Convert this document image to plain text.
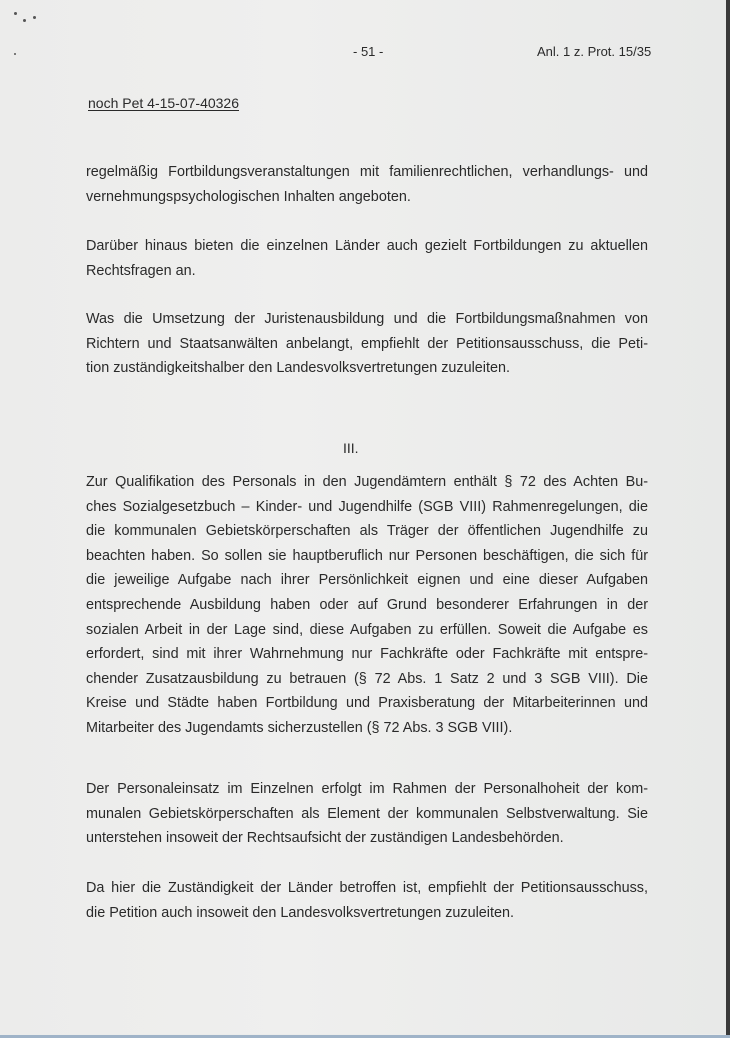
- 51 -	Anl. 1 z. Prot. 15/35
noch Pet 4-15-07-40326

regelmäßig Fortbildungsveranstaltungen mit familienrechtlichen, verhandlungs- und
vernehmungspsychologischen Inhalten angeboten.

Darüber hinaus bieten die einzelnen Länder auch gezielt Fortbildungen zu aktuellen
Rechtsfragen an.

Was die Umsetzung der Juristenausbildung und die Fortbildungsmaßnahmen von
Richtern und Staatsanwälten anbelangt, empfiehlt der Petitionsausschuss, die Peti-
tion zuständigkeitshalber den Landesvolksvertretungen zuzuleiten.

III.

Zur Qualifikation des Personals in den Jugendämtern enthält § 72 des Achten Bu-
ches Sozialgesetzbuch – Kinder- und Jugendhilfe (SGB VIII) Rahmenregelungen, die
die kommunalen Gebietskörperschaften als Träger der öffentlichen Jugendhilfe zu
beachten haben. So sollen sie hauptberuflich nur Personen beschäftigen, die sich für
die jeweilige Aufgabe nach ihrer Persönlichkeit eignen und eine dieser Aufgaben
entsprechende Ausbildung haben oder auf Grund besonderer Erfahrungen in der
sozialen Arbeit in der Lage sind, diese Aufgaben zu erfüllen. Soweit die Aufgabe es
erfordert, sind mit ihrer Wahrnehmung nur Fachkräfte oder Fachkräfte mit entspre-
chender Zusatzausbildung zu betrauen (§ 72 Abs. 1 Satz 2 und 3 SGB VIII). Die
Kreise und Städte haben Fortbildung und Praxisberatung der Mitarbeiterinnen und
Mitarbeiter des Jugendamts sicherzustellen (§ 72 Abs. 3 SGB VIII).

Der Personaleinsatz im Einzelnen erfolgt im Rahmen der Personalhoheit der kom-
munalen Gebietskörperschaften als Element der kommunalen Selbstverwaltung. Sie
unterstehen insoweit der Rechtsaufsicht der zuständigen Landesbehörden.

Da hier die Zuständigkeit der Länder betroffen ist, empfiehlt der Petitionsausschuss,
die Petition auch insoweit den Landesvolksvertretungen zuzuleiten.
